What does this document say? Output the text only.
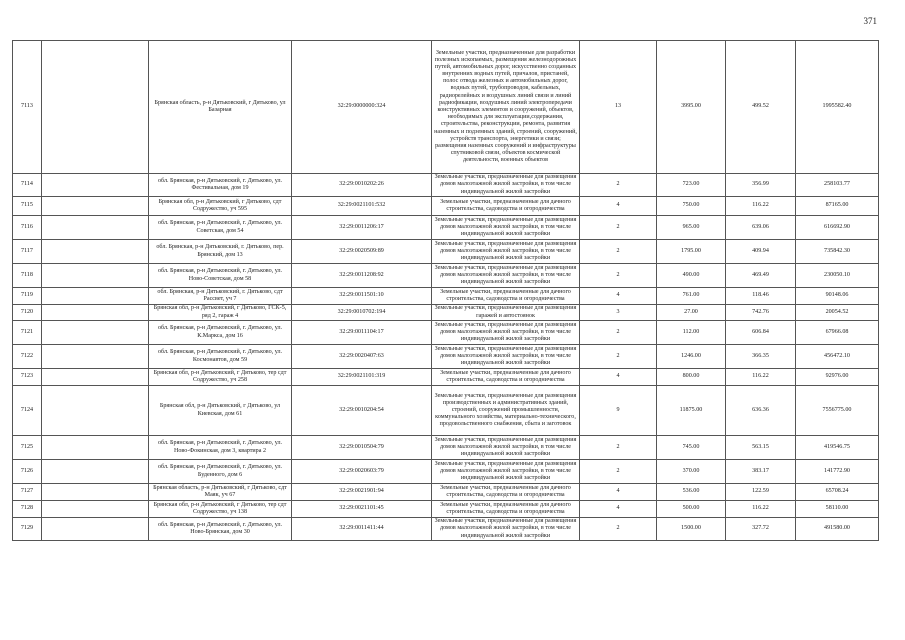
371
7113		Брянская область, р-н Дятьковский, г Дятьково, ул Базарная	32:29:0000000:324	Земельные участки, предназначенные для разработки полезных ископаемых, размещения железнодорожных путей, автомобильных дорог, искусственно созданных внутренних водных путей, причалов, пристаней, полос отвода железных и автомобильных дорог, водных путей, трубопроводов, кабельных, радиорелейных и воздушных линий связи и линий радиофикации, воздушных линий электропередачи конструктивных элементов и сооружений, объектов, необходимых для эксплуатации,содержания, строительства, реконструкции, ремонта, развития наземных и подземных зданий, строений, сооружений, устройств транспорта, энергетики и связи; размещения наземных сооружений и инфраструктуры спутниковой связи, объектов космической деятельности, военных объектов	13	3995.00	499.52	1995582.40
7114		обл. Брянская, р-н Дятьковский, г. Дятьково, ул. Фестивальная, дом 19	32:29:0010202:26	Земельные участки, предназначенные для размещения домов малоэтажной жилой застройки, в том числе индивидуальной жилой застройки	2	723.00	356.99	258103.77
7115		Брянская обл, р-н Дятьковский, г Дятьково, сдт Содружество, уч 595	32:29:0021101:532	Земельные участки, предназначенные для дачного строительства, садоводства и огородничества	4	750.00	116.22	87165.00
7116		обл. Брянская, р-н Дятьковский, г. Дятьково, ул. Советская, дом 54	32:29:0011206:17	Земельные участки, предназначенные для размещения домов малоэтажной жилой застройки, в том числе индивидуальной жилой застройки	2	965.00	639.06	616692.90
7117		обл. Брянская, р-н Дятьковский, г. Дятьково, пер. Брянский, дом 13	32:29:0020509:89	Земельные участки, предназначенные для размещения домов малоэтажной жилой застройки, в том числе индивидуальной жилой застройки	2	1795.00	409.94	735842.30
7118		обл. Брянская, р-н Дятьковский, г. Дятьково, ул. Ново-Советская, дом 58	32:29:0011208:92	Земельные участки, предназначенные для размещения домов малоэтажной жилой застройки, в том числе индивидуальной жилой застройки	2	490.00	469.49	230050.10
7119		обл. Брянская, р-н Дятьковский, г. Дятьково, сдт Рассвет, уч 7	32:29:0011501:10	Земельные участки, предназначенные для дачного строительства, садоводства и огородничества	4	761.00	118.46	90148.06
7120		Брянская обл, р-н Дятьковский, г Дятьково, ГСК-5, ряд 2, гараж 4	32:29:0010702:194	Земельные участки, предназначенные для размещения гаражей и автостоянок	3	27.00	742.76	20054.52
7121		обл. Брянская, р-н Дятьковский, г. Дятьково, ул. К.Маркса, дом 16	32:29:0011104:17	Земельные участки, предназначенные для размещения домов малоэтажной жилой застройки, в том числе индивидуальной жилой застройки	2	112.00	606.84	67966.08
7122		обл. Брянская, р-н Дятьковский, г. Дятьково, ул. Космонавтов, дом 59	32:29:0020407:63	Земельные участки, предназначенные для размещения домов малоэтажной жилой застройки, в том числе индивидуальной жилой застройки	2	1246.00	366.35	456472.10
7123		Брянская обл, р-н Дятьковский, г Дятьково, тер сдт Содружество, уч 258	32:29:0021101:319	Земельные участки, предназначенные для дачного строительства, садоводства и огородничества	4	800.00	116.22	92976.00
7124		Брянская обл, р-н Дятьковский, г Дятьково, ул Киевская, дом 61	32:29:0010204:54	Земельные участки, предназначенные для размещения производственных и административных зданий, строений, сооружений промышленности, коммунального хозяйства, материально-технического, продовольственного снабжения, сбыта и заготовок	9	11875.00	636.36	7556775.00
7125		обл. Брянская, р-н Дятьковский, г. Дятьково, ул. Ново-Фокинская, дом 3, квартира 2	32:29:0010504:79	Земельные участки, предназначенные для размещения домов малоэтажной жилой застройки, в том числе индивидуальной жилой застройки	2	745.00	563.15	419546.75
7126		обл. Брянская, р-н Дятьковский, г. Дятьково, ул. Буденного, дом 6	32:29:0020603:79	Земельные участки, предназначенные для размещения домов малоэтажной жилой застройки, в том числе индивидуальной жилой застройки	2	370.00	383.17	141772.90
7127		Брянская область, р-н Дятьковский, г Дятьково, сдт Маяк, уч 67	32:29:0021901:94	Земельные участки, предназначенные для дачного строительства, садоводства и огородничества	4	536.00	122.59	65708.24
7128		Брянская обл, р-н Дятьковский, г Дятьково, тер сдт Содружество, уч 138	32:29:0021101:45	Земельные участки, предназначенные для дачного строительства, садоводства и огородничества	4	500.00	116.22	58110.00
7129		обл. Брянская, р-н Дятьковский, г. Дятьково, ул. Ново-Брянская, дом 30	32:29:0011411:44	Земельные участки, предназначенные для размещения домов малоэтажной жилой застройки, в том числе индивидуальной жилой застройки	2	1500.00	327.72	491580.00
